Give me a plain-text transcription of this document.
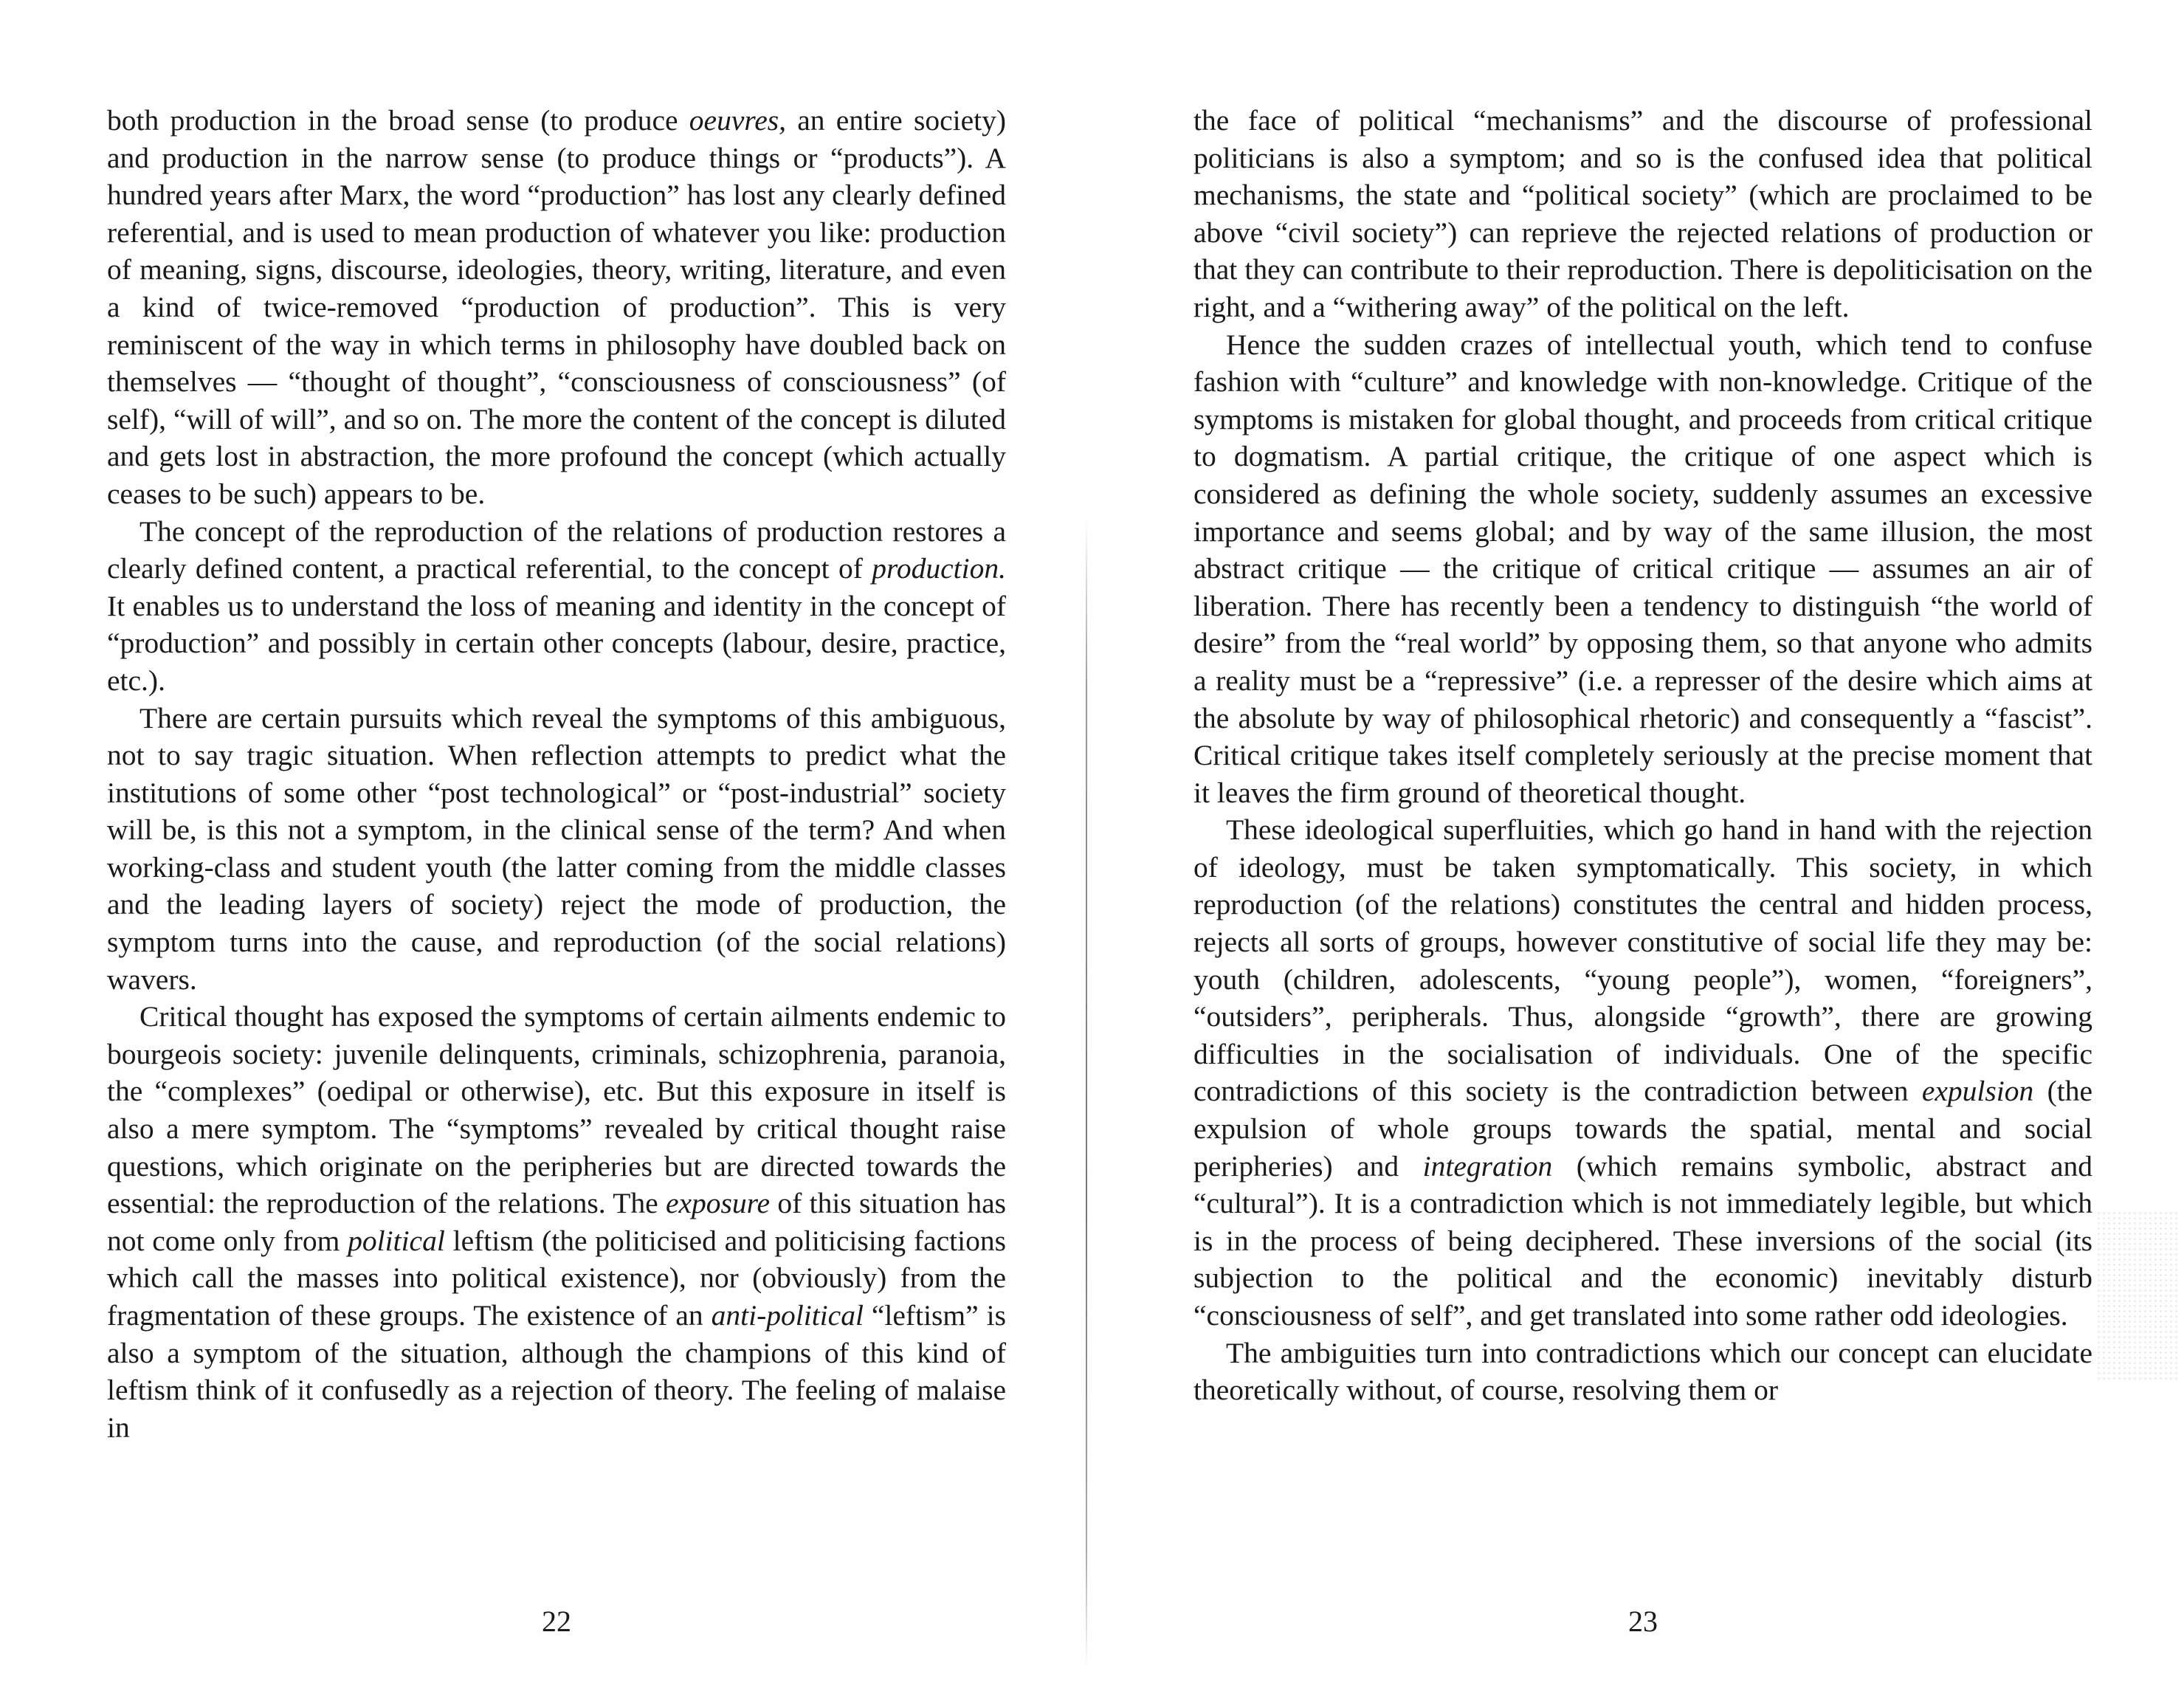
both production in the broad sense (to produce oeuvres, an entire society) and production in the narrow sense (to produce things or “products”). A hundred years after Marx, the word “production” has lost any clearly defined referential, and is used to mean production of whatever you like: production of meaning, signs, discourse, ideologies, theory, writing, literature, and even a kind of twice-removed “production of production”. This is very reminiscent of the way in which terms in philosophy have doubled back on themselves — “thought of thought”, “consciousness of consciousness” (of self), “will of will”, and so on. The more the content of the concept is diluted and gets lost in abstraction, the more profound the concept (which actually ceases to be such) appears to be.

The concept of the reproduction of the relations of production restores a clearly defined content, a practical referential, to the concept of production. It enables us to understand the loss of meaning and identity in the concept of “production” and possibly in certain other concepts (labour, desire, practice, etc.).

There are certain pursuits which reveal the symptoms of this ambiguous, not to say tragic situation. When reflection attempts to predict what the institutions of some other “post technological” or “post-industrial” society will be, is this not a symptom, in the clinical sense of the term? And when working-class and student youth (the latter coming from the middle classes and the leading layers of society) reject the mode of production, the symptom turns into the cause, and reproduction (of the social relations) wavers.

Critical thought has exposed the symptoms of certain ailments endemic to bourgeois society: juvenile delinquents, criminals, schizophrenia, paranoia, the “complexes” (oedipal or otherwise), etc. But this exposure in itself is also a mere symptom. The “symptoms” revealed by critical thought raise questions, which originate on the peripheries but are directed towards the essential: the reproduction of the relations. The exposure of this situation has not come only from political leftism (the politicised and politicising factions which call the masses into political existence), nor (obviously) from the fragmentation of these groups. The existence of an anti-political “leftism” is also a symptom of the situation, although the champions of this kind of leftism think of it confusedly as a rejection of theory. The feeling of malaise in

22

the face of political “mechanisms” and the discourse of professional politicians is also a symptom; and so is the confused idea that political mechanisms, the state and “political society” (which are proclaimed to be above “civil society”) can reprieve the rejected relations of production or that they can contribute to their reproduction. There is depoliticisation on the right, and a “withering away” of the political on the left.

Hence the sudden crazes of intellectual youth, which tend to confuse fashion with “culture” and knowledge with non-knowledge. Critique of the symptoms is mistaken for global thought, and proceeds from critical critique to dogmatism. A partial critique, the critique of one aspect which is considered as defining the whole society, suddenly assumes an excessive importance and seems global; and by way of the same illusion, the most abstract critique — the critique of critical critique — assumes an air of liberation. There has recently been a tendency to distinguish “the world of desire” from the “real world” by opposing them, so that anyone who admits a reality must be a “repressive” (i.e. a represser of the desire which aims at the absolute by way of philosophical rhetoric) and consequently a “fascist”. Critical critique takes itself completely seriously at the precise moment that it leaves the firm ground of theoretical thought.

These ideological superfluities, which go hand in hand with the rejection of ideology, must be taken symptomatically. This society, in which reproduction (of the relations) constitutes the central and hidden process, rejects all sorts of groups, however constitutive of social life they may be: youth (children, adolescents, “young people”), women, “foreigners”, “outsiders”, peripherals. Thus, alongside “growth”, there are growing difficulties in the socialisation of individuals. One of the specific contradictions of this society is the contradiction between expulsion (the expulsion of whole groups towards the spatial, mental and social peripheries) and integration (which remains symbolic, abstract and “cultural”). It is a contradiction which is not immediately legible, but which is in the process of being deciphered. These inversions of the social (its subjection to the political and the economic) inevitably disturb “consciousness of self”, and get translated into some rather odd ideologies.

The ambiguities turn into contradictions which our concept can elucidate theoretically without, of course, resolving them or

23
